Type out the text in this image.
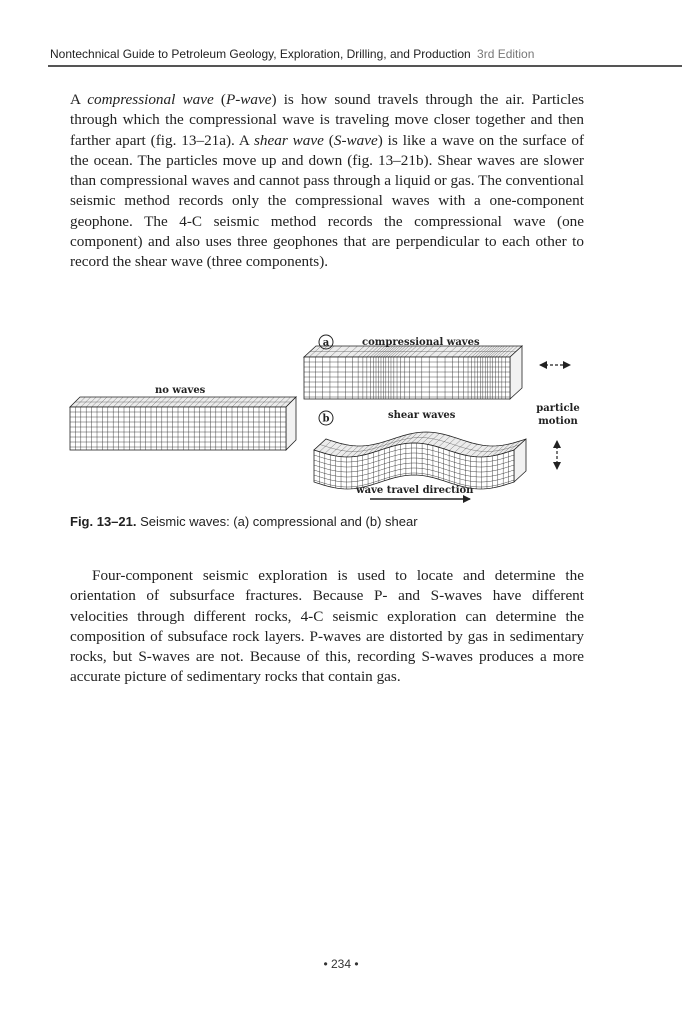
Nontechnical Guide to Petroleum Geology, Exploration, Drilling, and Production 3rd Edition

A compressional wave (P-wave) is how sound travels through the air. Particles through which the compressional wave is traveling move closer together and then farther apart (fig. 13–21a). A shear wave (S-wave) is like a wave on the surface of the ocean. The particles move up and down (fig. 13–21b). Shear waves are slower than compressional waves and cannot pass through a liquid or gas. The conventional seismic method records only the compressional waves with a one-component geophone. The 4-C seismic method records the compressional wave (one component) and also uses three geophones that are perpendicular to each other to record the shear wave (three components).

a	compressional waves
no waves
b	shear waves
particle
motion
wave travel direction
Fig. 13–21. Seismic waves: (a) compressional and (b) shear

Four-component seismic exploration is used to locate and determine the orientation of subsurface fractures. Because P- and S-waves have different velocities through different rocks, 4-C seismic exploration can determine the composition of subsuface rock layers. P-waves are distorted by gas in sedimentary rocks, but S-waves are not. Because of this, recording S-waves produces a more accurate picture of sedimentary rocks that contain gas.

• 234 •
